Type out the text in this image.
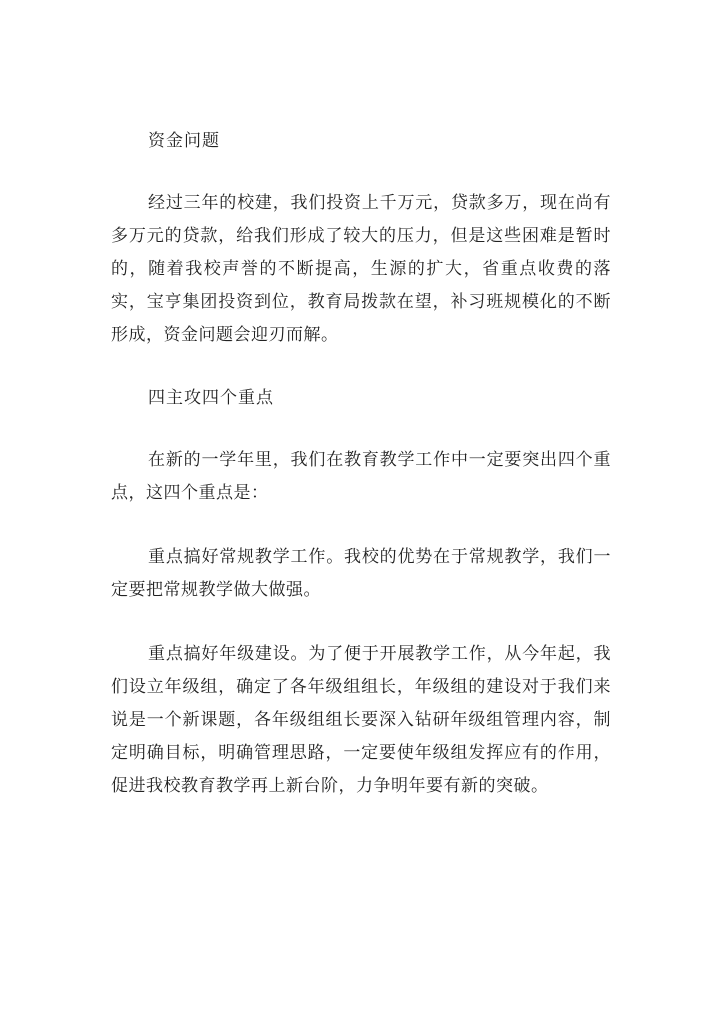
资金问题
经过三年的校建，我们投资上千万元，贷款多万，现在尚有多万元的贷款，给我们形成了较大的压力，但是这些困难是暂时的，随着我校声誉的不断提高，生源的扩大，省重点收费的落实，宝亨集团投资到位，教育局拨款在望，补习班规模化的不断形成，资金问题会迎刃而解。
四主攻四个重点
在新的一学年里，我们在教育教学工作中一定要突出四个重点，这四个重点是：
重点搞好常规教学工作。我校的优势在于常规教学，我们一定要把常规教学做大做强。
重点搞好年级建设。为了便于开展教学工作，从今年起，我们设立年级组，确定了各年级组组长，年级组的建设对于我们来说是一个新课题，各年级组组长要深入钻研年级组管理内容，制定明确目标，明确管理思路，一定要使年级组发挥应有的作用，促进我校教育教学再上新台阶，力争明年要有新的突破。
